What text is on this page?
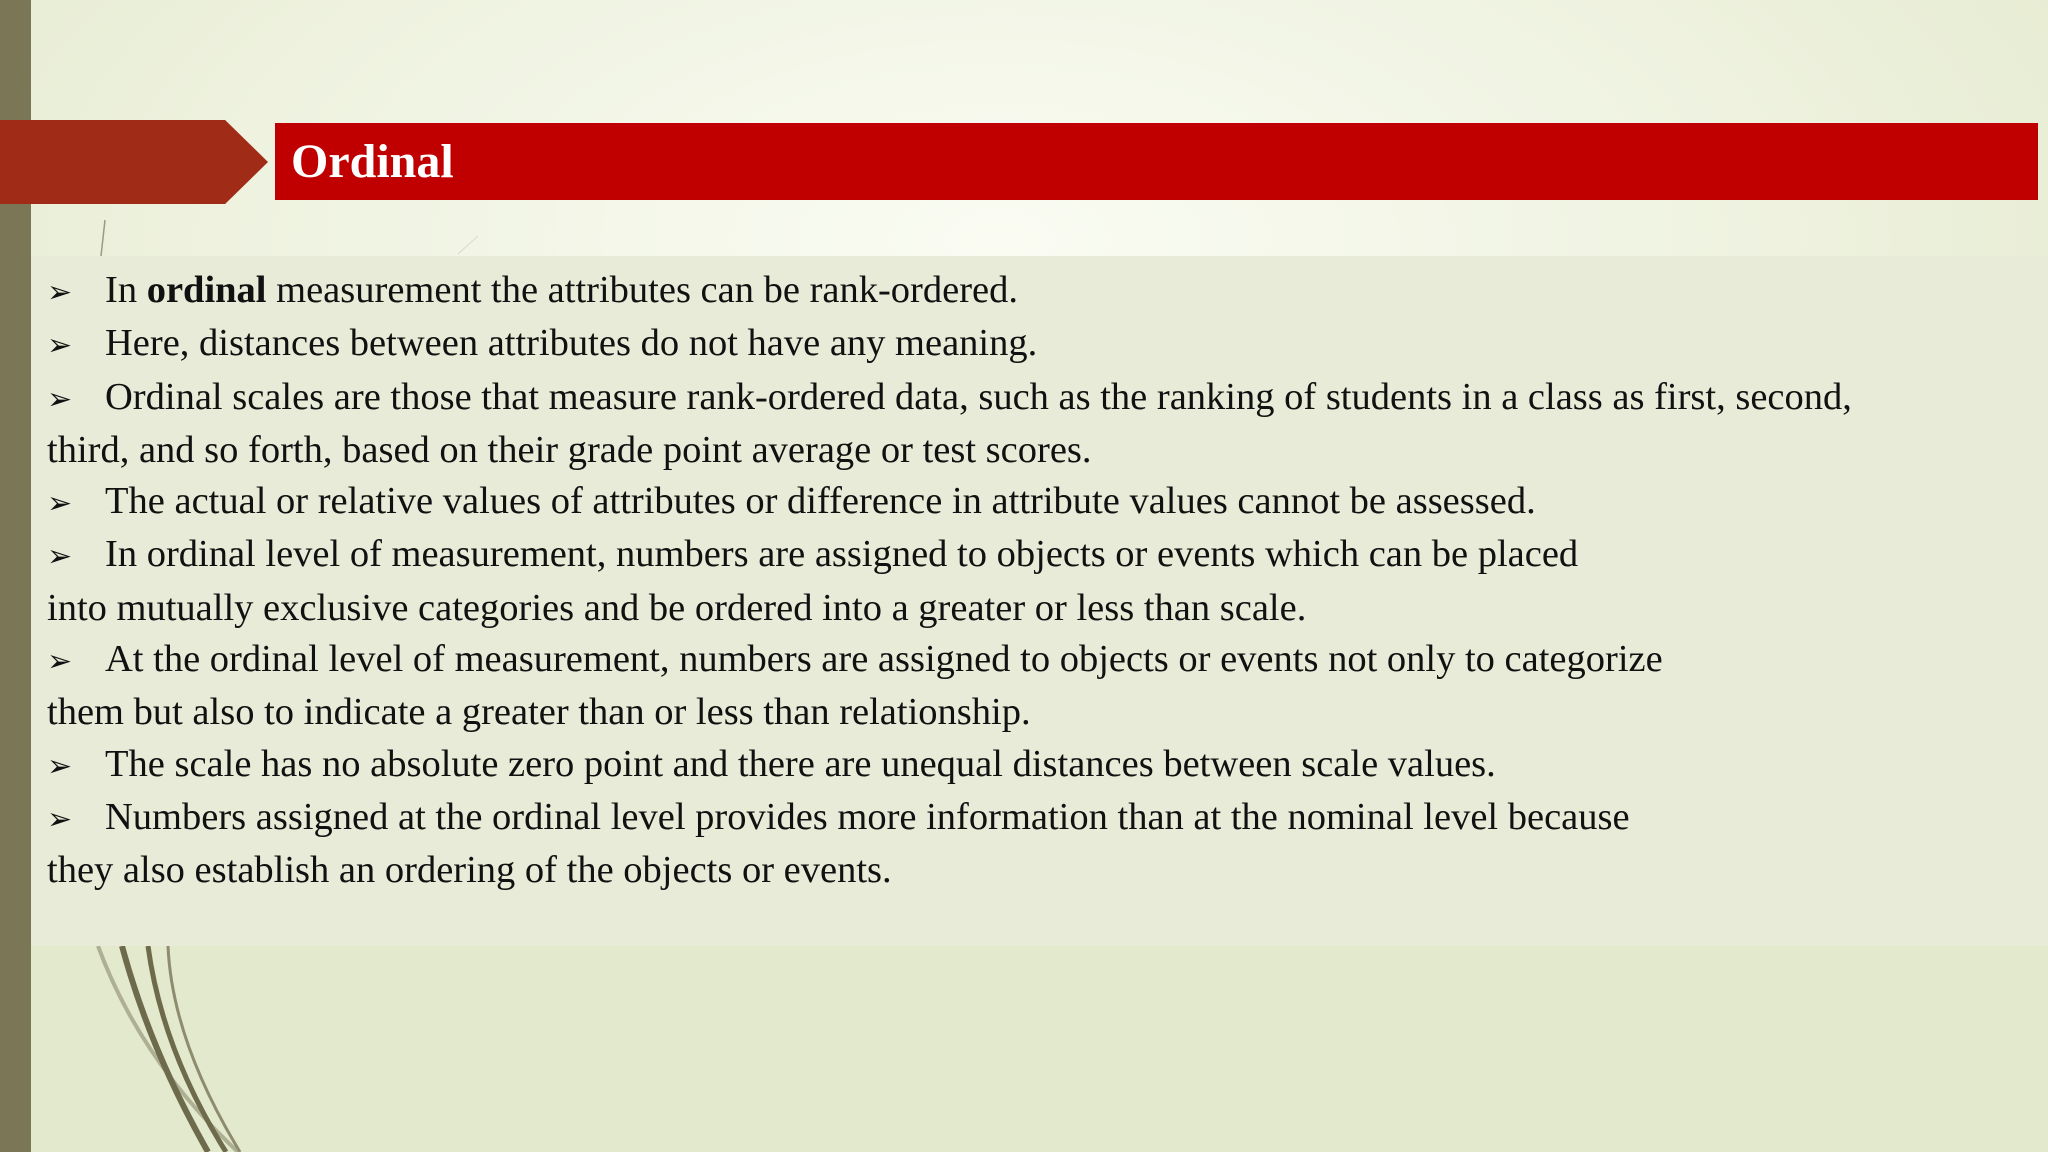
Ordinal
➢ In ordinal measurement the attributes can be rank-ordered.
➢ Here, distances between attributes do not have any meaning.
➢ Ordinal scales are those that measure rank-ordered data, such as the ranking of students in a class as first, second,
third, and so forth, based on their grade point average or test scores.
➢ The actual or relative values of attributes or difference in attribute values cannot be assessed.
➢ In ordinal level of measurement, numbers are assigned to objects or events which can be placed
into mutually exclusive categories and be ordered into a greater or less than scale.
➢ At the ordinal level of measurement, numbers are assigned to objects or events not only to categorize
them but also to indicate a greater than or less than relationship.
➢ The scale has no absolute zero point and there are unequal distances between scale values.
➢ Numbers assigned at the ordinal level provides more information than at the nominal level because
they also establish an ordering of the objects or events.
